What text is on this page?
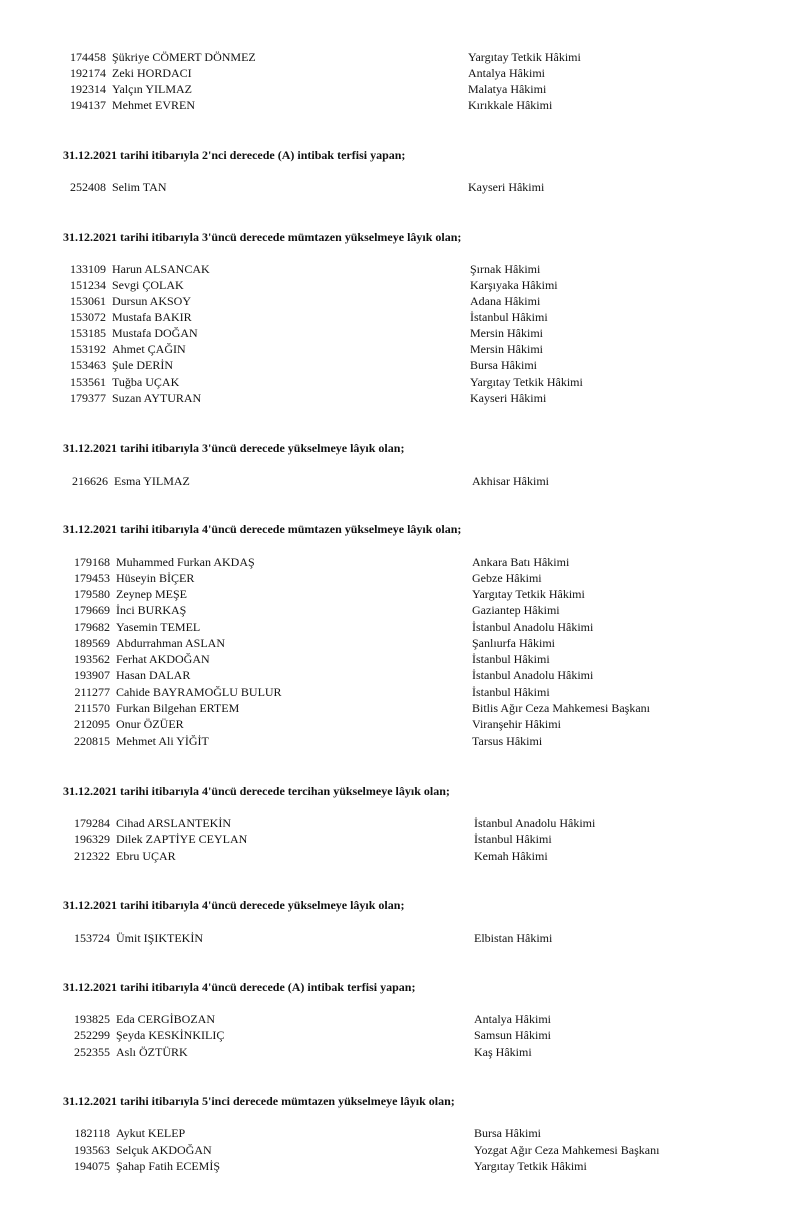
174458 Şükriye CÖMERT DÖNMEZ	Yargıtay Tetkik Hâkimi
192174 Zeki HORDACI	Antalya Hâkimi
192314 Yalçın YILMAZ	Malatya Hâkimi
194137 Mehmet EVREN	Kırıkkale Hâkimi
31.12.2021 tarihi itibarıyla 2'nci derecede (A) intibak terfisi yapan;
252408 Selim TAN	Kayseri Hâkimi
31.12.2021 tarihi itibarıyla 3'üncü derecede mümtazen yükselmeye lâyık olan;
133109 Harun ALSANCAK	Şırnak Hâkimi
151234 Sevgi ÇOLAK	Karşıyaka Hâkimi
153061 Dursun AKSOY	Adana Hâkimi
153072 Mustafa BAKIR	İstanbul Hâkimi
153185 Mustafa DOĞAN	Mersin Hâkimi
153192 Ahmet ÇAĞIN	Mersin Hâkimi
153463 Şule DERİN	Bursa Hâkimi
153561 Tuğba UÇAK	Yargıtay Tetkik Hâkimi
179377 Suzan AYTURAN	Kayseri Hâkimi
31.12.2021 tarihi itibarıyla 3'üncü derecede yükselmeye lâyık olan;
216626 Esma YILMAZ	Akhisar Hâkimi
31.12.2021 tarihi itibarıyla 4'üncü derecede mümtazen yükselmeye lâyık olan;
179168 Muhammed Furkan AKDAŞ	Ankara Batı Hâkimi
179453 Hüseyin BİÇER	Gebze Hâkimi
179580 Zeynep MEŞE	Yargıtay Tetkik Hâkimi
179669 İnci BURKAŞ	Gaziantep Hâkimi
179682 Yasemin TEMEL	İstanbul Anadolu Hâkimi
189569 Abdurrahman ASLAN	Şanlıurfa Hâkimi
193562 Ferhat AKDOĞAN	İstanbul Hâkimi
193907 Hasan DALAR	İstanbul Anadolu Hâkimi
211277 Cahide BAYRAMOĞLU BULUR	İstanbul Hâkimi
211570 Furkan Bilgehan ERTEM	Bitlis Ağır Ceza Mahkemesi Başkanı
212095 Onur ÖZÜER	Viranşehir Hâkimi
220815 Mehmet Ali YİĞİT	Tarsus Hâkimi
31.12.2021 tarihi itibarıyla 4'üncü derecede tercihan yükselmeye lâyık olan;
179284 Cihad ARSLANTEKİN	İstanbul Anadolu Hâkimi
196329 Dilek ZAPTİYE CEYLAN	İstanbul Hâkimi
212322 Ebru UÇAR	Kemah Hâkimi
31.12.2021 tarihi itibarıyla 4'üncü derecede yükselmeye lâyık olan;
153724 Ümit IŞIKTEKİN	Elbistan Hâkimi
31.12.2021 tarihi itibarıyla 4'üncü derecede (A) intibak terfisi yapan;
193825 Eda CERGİBOZAN	Antalya Hâkimi
252299 Şeyda KESKİNKILIÇ	Samsun Hâkimi
252355 Aslı ÖZTÜRK	Kaş Hâkimi
31.12.2021 tarihi itibarıyla 5'inci derecede mümtazen yükselmeye lâyık olan;
182118 Aykut KELEP	Bursa Hâkimi
193563 Selçuk AKDOĞAN	Yozgat Ağır Ceza Mahkemesi Başkanı
194075 Şahap Fatih ECEMİŞ	Yargıtay Tetkik Hâkimi
